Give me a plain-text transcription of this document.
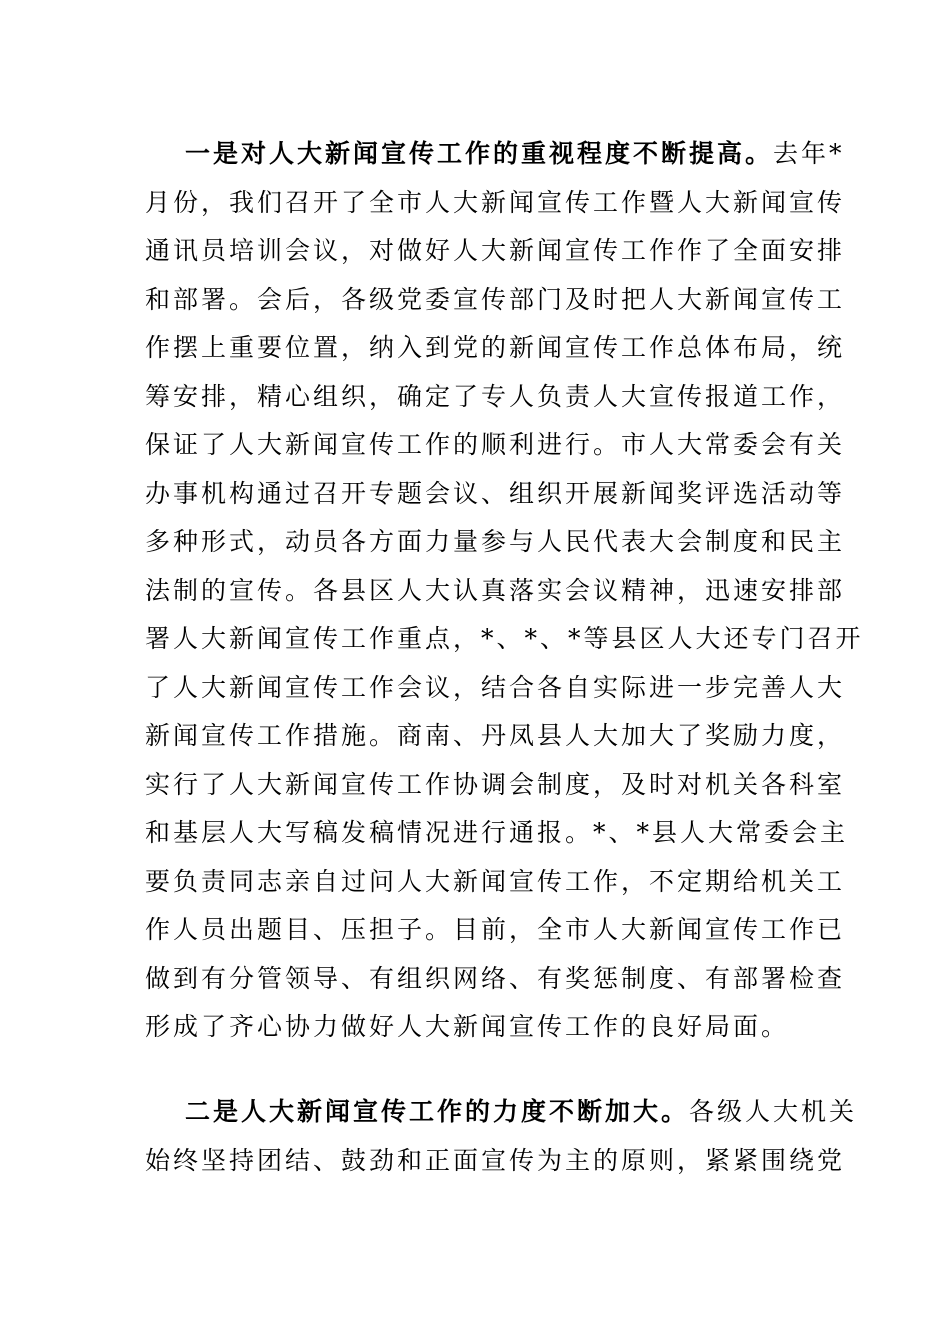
一是对人大新闻宣传工作的重视程度不断提高。去年*
月份，我们召开了全市人大新闻宣传工作暨人大新闻宣传
通讯员培训会议，对做好人大新闻宣传工作作了全面安排
和部署。会后，各级党委宣传部门及时把人大新闻宣传工
作摆上重要位置，纳入到党的新闻宣传工作总体布局，统
筹安排，精心组织，确定了专人负责人大宣传报道工作，
保证了人大新闻宣传工作的顺利进行。市人大常委会有关
办事机构通过召开专题会议、组织开展新闻奖评选活动等
多种形式，动员各方面力量参与人民代表大会制度和民主
法制的宣传。各县区人大认真落实会议精神，迅速安排部
署人大新闻宣传工作重点，*、*、*等县区人大还专门召开
了人大新闻宣传工作会议，结合各自实际进一步完善人大
新闻宣传工作措施。商南、丹凤县人大加大了奖励力度，
实行了人大新闻宣传工作协调会制度，及时对机关各科室
和基层人大写稿发稿情况进行通报。*、*县人大常委会主
要负责同志亲自过问人大新闻宣传工作，不定期给机关工
作人员出题目、压担子。目前，全市人大新闻宣传工作已
做到有分管领导、有组织网络、有奖惩制度、有部署检查
形成了齐心协力做好人大新闻宣传工作的良好局面。
二是人大新闻宣传工作的力度不断加大。各级人大机关
始终坚持团结、鼓劲和正面宣传为主的原则，紧紧围绕党
